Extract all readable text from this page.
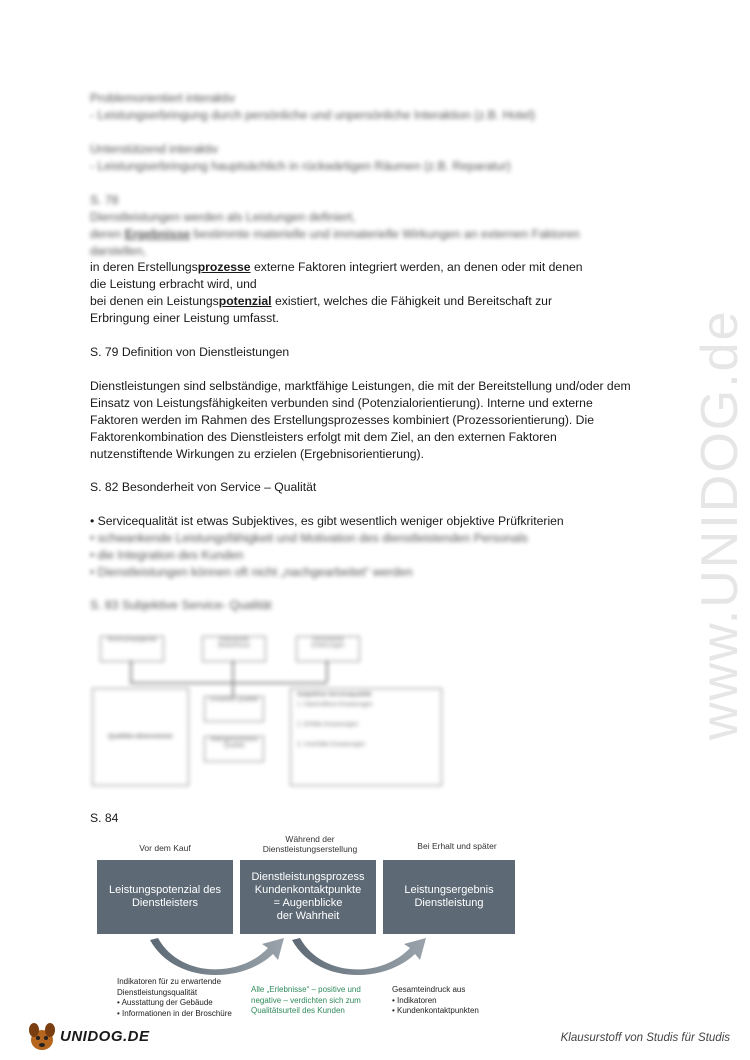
www.UNIDOG.de
Problemorientiert interaktiv
- Leistungserbringung durch persönliche und unpersönliche Interaktion (z.B. Hotel)
Unterstützend interaktiv
- Leistungserbringung hauptsächlich in rückwärtigen Räumen (z.B. Reparatur)
S. 78
Dienstleistungen werden als Leistungen definiert,
deren Ergebnisse bestimmte materielle und immaterielle Wirkungen an externen Faktoren
darstellen,
in deren Erstellungsprozesse externe Faktoren integriert werden, an denen oder mit denen
die Leistung erbracht wird, und
bei denen ein Leistungspotenzial existiert, welches die Fähigkeit und Bereitschaft zur
Erbringung einer Leistung umfasst.
S. 79 Definition von Dienstleistungen
Dienstleistungen sind selbständige, marktfähige Leistungen, die mit der Bereitstellung und/oder dem
Einsatz von Leistungsfähigkeiten verbunden sind (Potenzialorientierung). Interne und externe
Faktoren werden im Rahmen des Erstellungsprozesses kombiniert (Prozessorientierung). Die
Faktorenkombination des Dienstleisters erfolgt mit dem Ziel, an den externen Faktoren
nutzenstiftende Wirkungen zu erzielen (Ergebnisorientierung).
S. 82 Besonderheit von Service – Qualität
• Servicequalität ist etwas Subjektives, es gibt wesentlich weniger objektive Prüfkriterien
• schwankende Leistungsfähigkeit und Motivation des dienstleistenden Personals
• die Integration des Kunden
• Dienstleistungen können oft nicht „nachgearbeitet“ werden
S. 83 Subjektive Service- Qualität
Mund-propaganda	Individuelle Bedürfnisse
Persönliche Erfahrungen
Qualitäts-dimensionen
Erwartete Qualität
Wahrgenommene Qualität
Subjektive Servicequalität
1. Übertroffene Erwartungen
2. Erfüllte Erwartungen
3. Unerfüllte Erwartungen
S. 84
Vor dem Kauf
Während der
Dienstleistungserstellung	Bei Erhalt und später
Leistungspotenzial des
Dienstleisters
Dienstleistungsprozess
Kundenkontaktpunkte
= Augenblicke
der Wahrheit
Leistungsergebnis
Dienstleistung
Indikatoren für zu erwartende
Dienstleistungsqualität
• Ausstattung der Gebäude
• Informationen in der Broschüre
Alle „Erlebnisse“ – positive und
negative – verdichten sich zum
Qualitätsurteil des Kunden
Gesamteindruck aus
• Indikatoren
• Kundenkontaktpunkten
UNIDOG.DE	Klausurstoff von Studis für Studis
